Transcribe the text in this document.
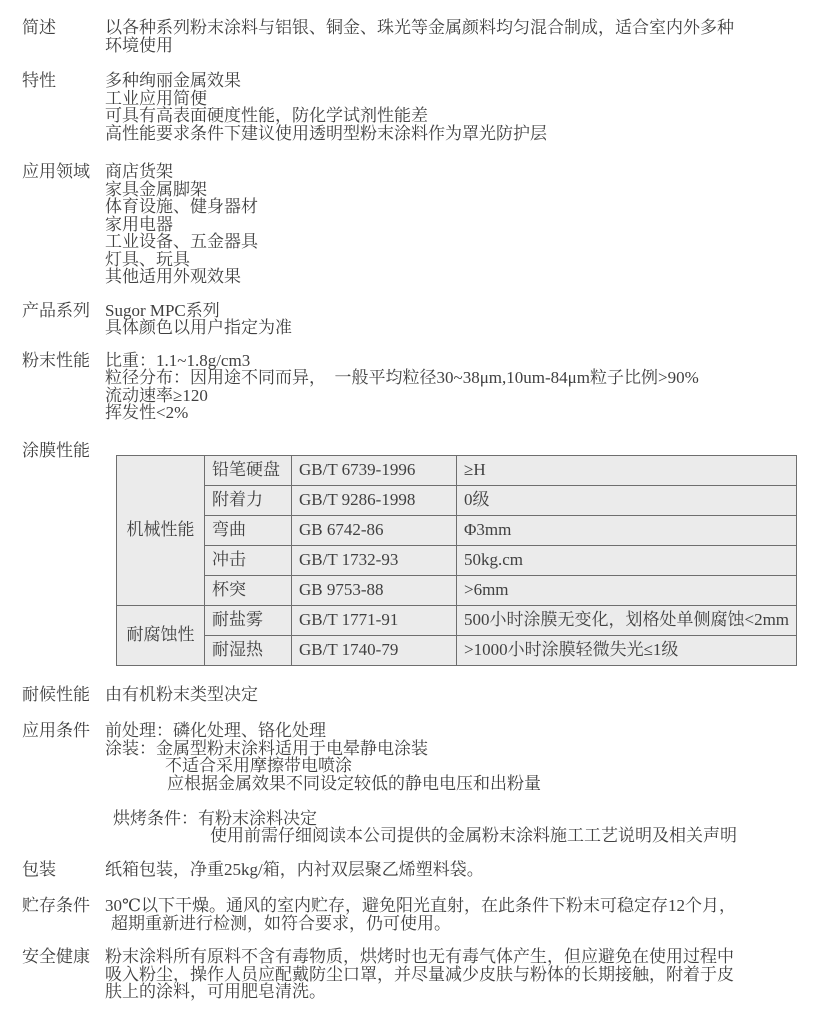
简述	以各种系列粉末涂料与铝银、铜金、珠光等金属颜料均匀混合制成，适合室内外多种
环境使用
特性	多种绚丽金属效果
工业应用简便
可具有高表面硬度性能，防化学试剂性能差
高性能要求条件下建议使用透明型粉末涂料作为罩光防护层
应用领域 商店货架
家具金属脚架
体育设施、健身器材
家用电器
工业设备、五金器具
灯具、玩具
其他适用外观效果
产品系列 Sugor MPC系列
具体颜色以用户指定为准
粉末性能 比重：1.1~1.8g/cm3
粒径分布：因用途不同而异，　一般平均粒径30~38μm,10um-84μm粒子比例>90%
流动速率≥120
挥发性<2%
涂膜性能
机械性能	铅笔硬盘	GB/T 6739-1996	≥H
	附着力	GB/T 9286-1998	0级
	弯曲	GB 6742-86	Φ3mm
	冲击	GB/T 1732-93	50kg.cm
	杯突	GB 9753-88	>6mm
耐腐蚀性	耐盐雾	GB/T 1771-91	500小时涂膜无变化，划格处单侧腐蚀<2mm
	耐湿热	GB/T 1740-79	>1000小时涂膜轻微失光≤1级
耐候性能 由有机粉末类型决定
应用条件 前处理：磷化处理、铬化处理
涂装：金属型粉末涂料适用于电晕静电涂装
不适合采用摩擦带电喷涂
应根据金属效果不同设定较低的静电电压和出粉量
烘烤条件：有粉末涂料决定
使用前需仔细阅读本公司提供的金属粉末涂料施工工艺说明及相关声明
包装	纸箱包装，净重25kg/箱，内衬双层聚乙烯塑料袋。
贮存条件 30℃以下干燥。通风的室内贮存，避免阳光直射，在此条件下粉末可稳定存12个月，
超期重新进行检测，如符合要求，仍可使用。
安全健康 粉末涂料所有原料不含有毒物质，烘烤时也无有毒气体产生，但应避免在使用过程中
吸入粉尘，操作人员应配戴防尘口罩，并尽量减少皮肤与粉体的长期接触，附着于皮
肤上的涂料，可用肥皂清洗。
